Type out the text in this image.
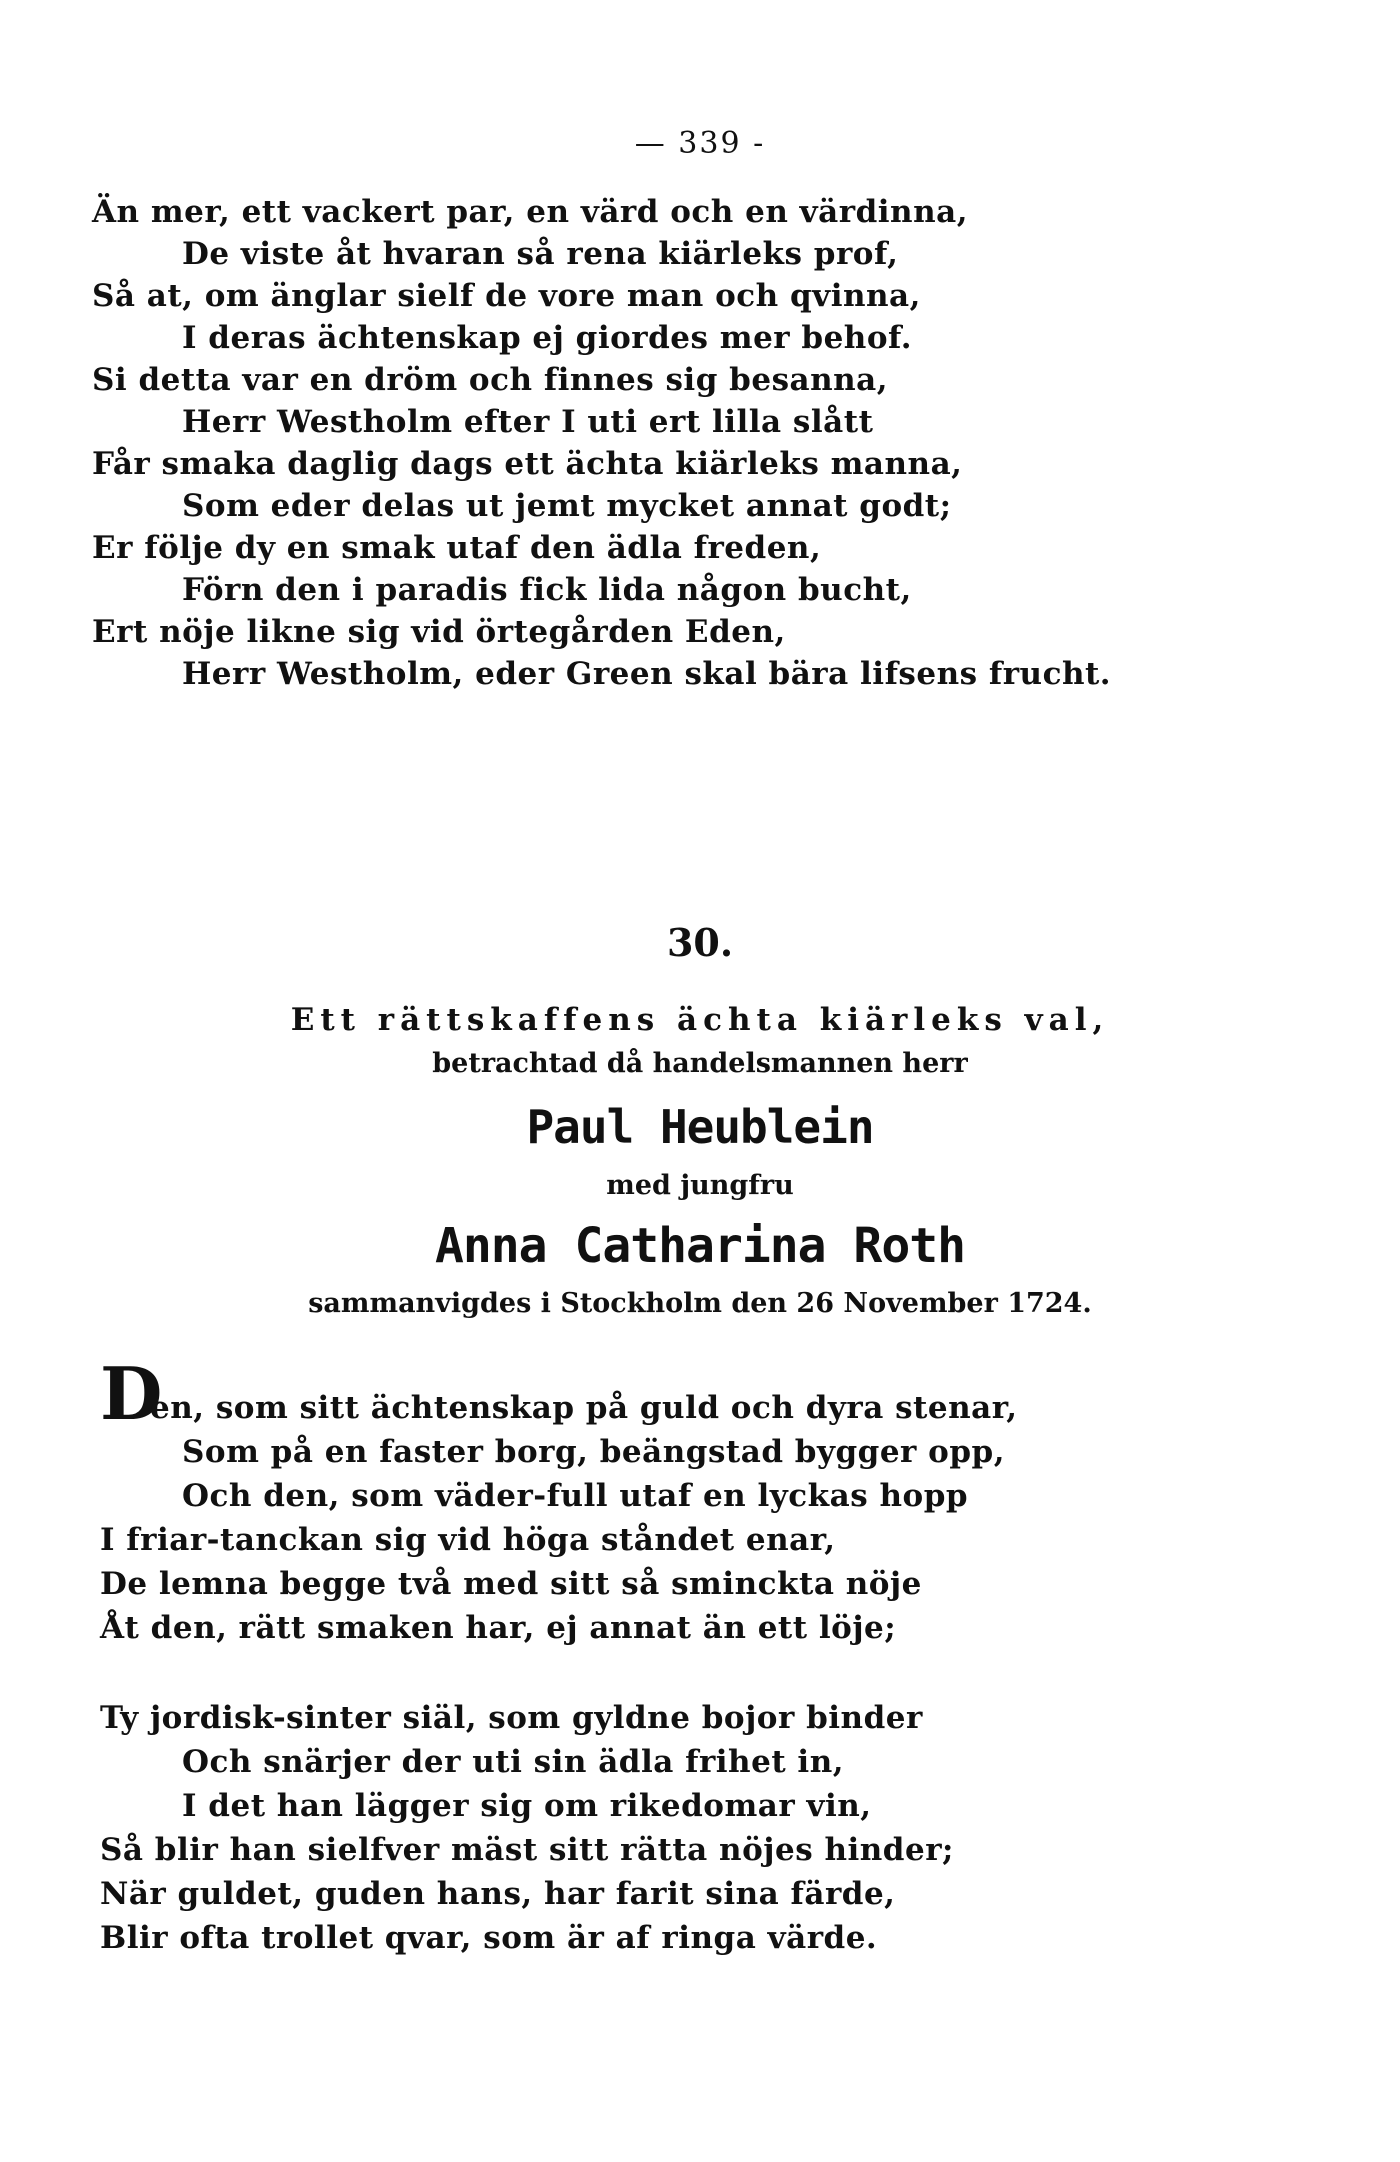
— 339 -
Än mer, ett vackert par, en värd och en värdinna,
De viste åt hvaran så rena kiärleks prof,
Så at, om änglar sielf de vore man och qvinna,
I deras ächtenskap ej giordes mer behof.
Si detta var en dröm och finnes sig besanna,
Herr Westholm efter I uti ert lilla slått
Får smaka daglig dags ett ächta kiärleks manna,
Som eder delas ut jemt mycket annat godt;
Er följe dy en smak utaf den ädla freden,
Förn den i paradis fick lida någon bucht,
Ert nöje likne sig vid örtegården Eden,
Herr Westholm, eder Green skal bära lifsens frucht.
30.
Ett rättskaffens ächta kiärleks val,
betrachtad då handelsmannen herr
Paul Heublein
med jungfru
Anna Catharina Roth
sammanvigdes i Stockholm den 26 November 1724.
D
en, som sitt ächtenskap på guld och dyra stenar,
Som på en faster borg, beängstad bygger opp,
Och den, som väder-full utaf en lyckas hopp
I friar-tanckan sig vid höga ståndet enar,
De lemna begge två med sitt så sminckta nöje
Åt den, rätt smaken har, ej annat än ett löje;
Ty jordisk-sinter siäl, som gyldne bojor binder
Och snärjer der uti sin ädla frihet in,
I det han lägger sig om rikedomar vin,
Så blir han sielfver mäst sitt rätta nöjes hinder;
När guldet, guden hans, har farit sina färde,
Blir ofta trollet qvar, som är af ringa värde.
